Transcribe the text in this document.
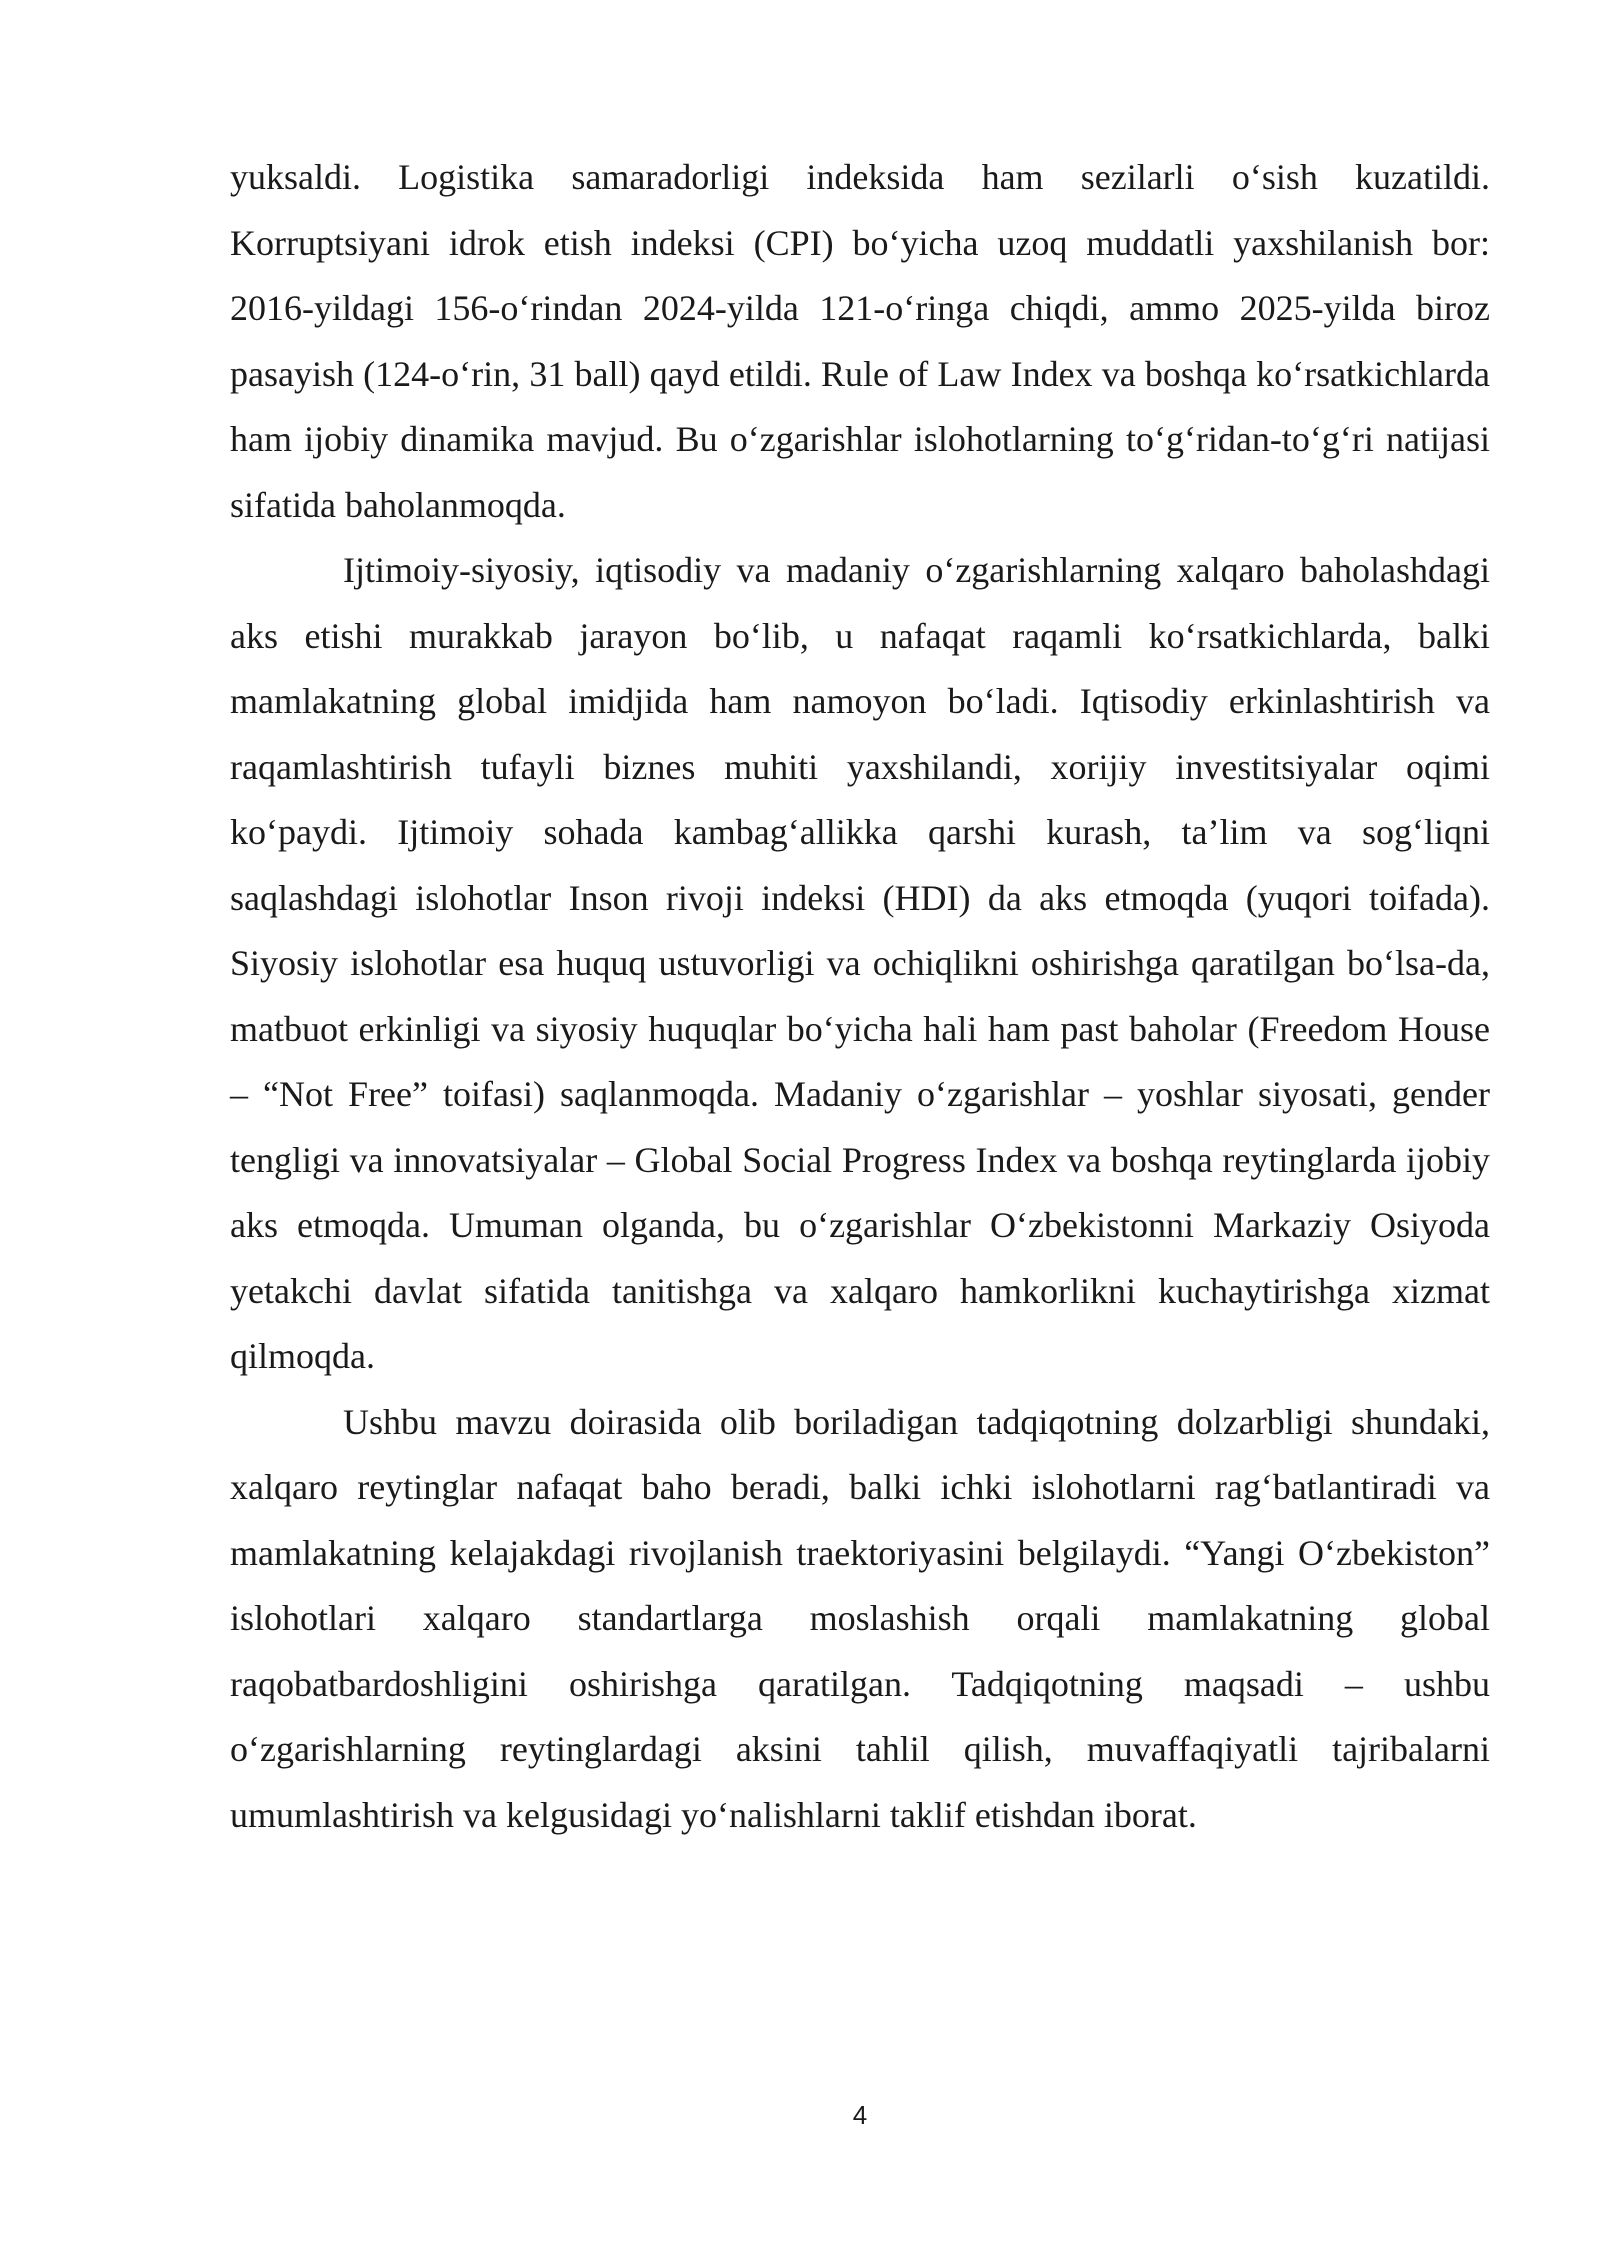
yuksaldi. Logistika samaradorligi indeksida ham sezilarli o‘sish kuzatildi. Korruptsiyani idrok etish indeksi (CPI) bo‘yicha uzoq muddatli yaxshilanish bor: 2016-yildagi 156-o‘rindan 2024-yilda 121-o‘ringa chiqdi, ammo 2025-yilda biroz pasayish (124-o‘rin, 31 ball) qayd etildi. Rule of Law Index va boshqa ko‘rsatkichlarda ham ijobiy dinamika mavjud. Bu o‘zgarishlar islohotlarning to‘g‘ridan-to‘g‘ri natijasi sifatida baholanmoqda.

Ijtimoiy-siyosiy, iqtisodiy va madaniy o‘zgarishlarning xalqaro baholashdagi aks etishi murakkab jarayon bo‘lib, u nafaqat raqamli ko‘rsatkichlarda, balki mamlakatning global imidjida ham namoyon bo‘ladi. Iqtisodiy erkinlashtirish va raqamlashtirish tufayli biznes muhiti yaxshilandi, xorijiy investitsiyalar oqimi ko‘paydi. Ijtimoiy sohada kambag‘allikka qarshi kurash, ta’lim va sog‘liqni saqlashdagi islohotlar Inson rivoji indeksi (HDI) da aks etmoqda (yuqori toifada). Siyosiy islohotlar esa huquq ustuvorligi va ochiqlikni oshirishga qaratilgan bo‘lsa-da, matbuot erkinligi va siyosiy huquqlar bo‘yicha hali ham past baholar (Freedom House – “Not Free” toifasi) saqlanmoqda. Madaniy o‘zgarishlar – yoshlar siyosati, gender tengligi va innovatsiyalar – Global Social Progress Index va boshqa reytinglarda ijobiy aks etmoqda. Umuman olganda, bu o‘zgarishlar O‘zbekistonni Markaziy Osiyoda yetakchi davlat sifatida tanitishga va xalqaro hamkorlikni kuchaytirishga xizmat qilmoqda.

Ushbu mavzu doirasida olib boriladigan tadqiqotning dolzarbligi shundaki, xalqaro reytinglar nafaqat baho beradi, balki ichki islohotlarni rag‘batlantiradi va mamlakatning kelajakdagi rivojlanish traektoriyasini belgilaydi. “Yangi O‘zbekiston” islohotlari xalqaro standartlarga moslashish orqali mamlakatning global raqobatbardoshligini oshirishga qaratilgan. Tadqiqotning maqsadi – ushbu o‘zgarishlarning reytinglardagi aksini tahlil qilish, muvaffaqiyatli tajribalarni umumlashtirish va kelgusidagi yo‘nalishlarni taklif etishdan iborat.

4
